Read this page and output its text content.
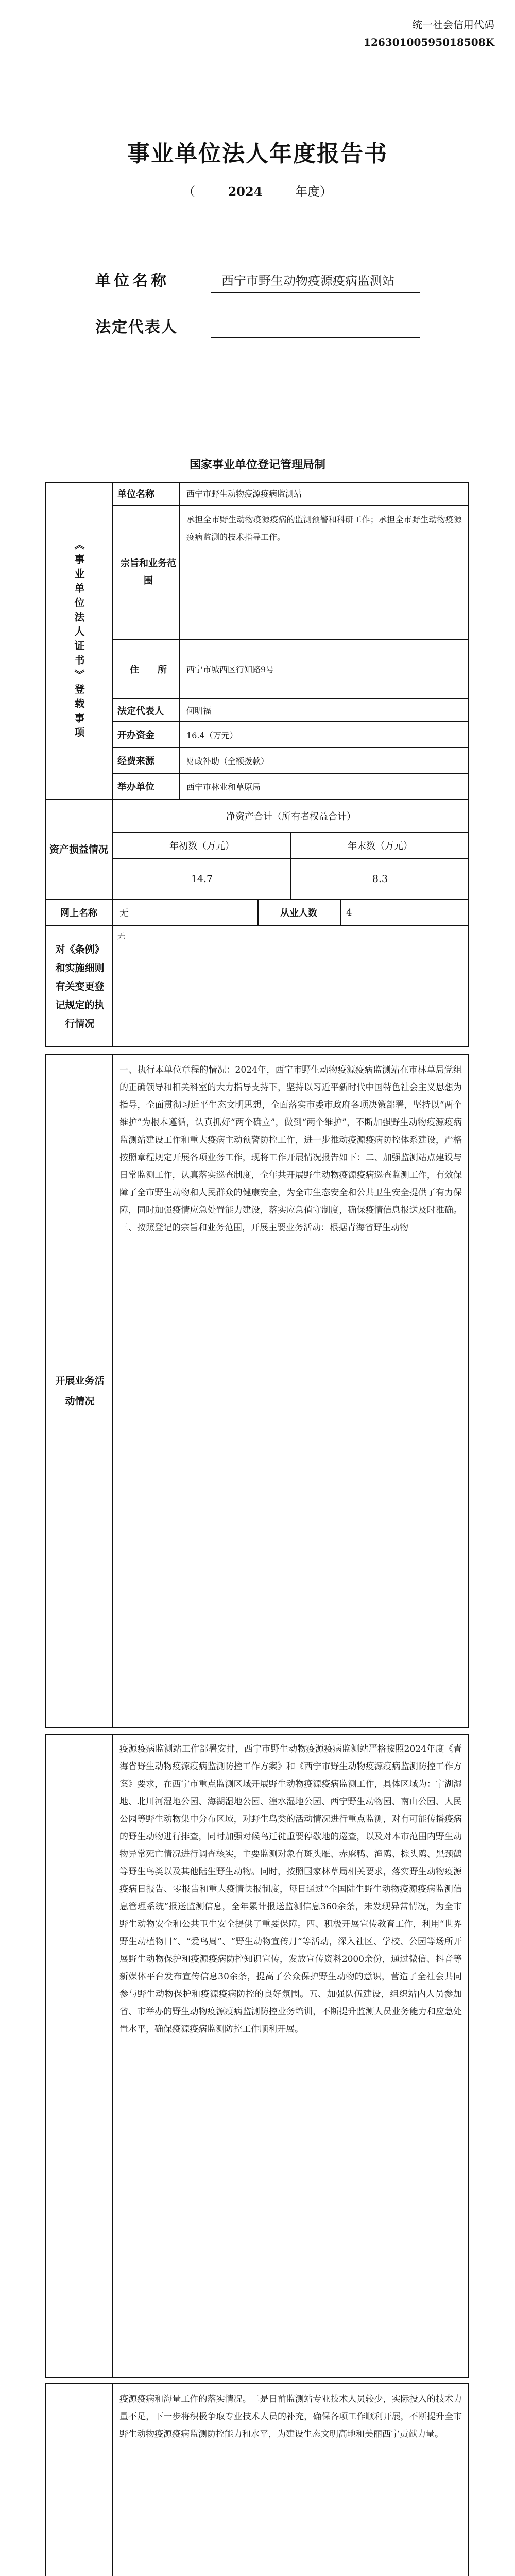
统一社会信用代码
12630100595018508K
事业单位法人年度报告书
（	2024	年度）
单位名称	西宁市野生动物疫源疫病监测站
法定代表人
国家事业单位登记管理局制
《事业单位法人证书》登载事项
单位名称	西宁市野生动物疫源疫病监测站
宗旨和业务范围
承担全市野生动物疫源疫病的监测预警和科研工作；承担全市野生动物疫源疫病监测的技术指导工作。
住　　所	西宁市城西区行知路9号
法定代表人	何明福
开办资金	16.4（万元）
经费来源	财政补助（全额拨款）
举办单位	西宁市林业和草原局
资产损益情况
净资产合计（所有者权益合计）
年初数（万元）	年末数（万元）
14.7	8.3
网上名称	无	从业人数	4
对《条例》和实施细则有关变更登记规定的执行情况
无
开展业务活动情况
一、执行本单位章程的情况：2024年，西宁市野生动物疫源疫病监测站在市林草局党组的正确领导和相关科室的大力指导支持下，坚持以习近平新时代中国特色社会主义思想为指导，全面贯彻习近平生态文明思想，全面落实市委市政府各项决策部署，坚持以“两个维护”为根本遵循，认真抓好“两个确立”，做到“两个维护”，不断加强野生动物疫源疫病监测站建设工作和重大疫病主动预警防控工作，进一步推动疫源疫病防控体系建设，严格按照章程规定开展各项业务工作，现将工作开展情况报告如下：二、加强监测站点建设与日常监测工作，认真落实巡查制度，全年共开展野生动物疫源疫病巡查监测工作，有效保障了全市野生动物和人民群众的健康安全，为全市生态安全和公共卫生安全提供了有力保障，同时加强疫情应急处置能力建设，落实应急值守制度，确保疫情信息报送及时准确。三、按照登记的宗旨和业务范围，开展主要业务活动：根据青海省野生动物
疫源疫病监测站工作部署安排，西宁市野生动物疫源疫病监测站严格按照2024年度《青海省野生动物疫源疫病监测防控工作方案》和《西宁市野生动物疫源疫病监测防控工作方案》要求，在西宁市重点监测区域开展野生动物疫源疫病监测工作，具体区域为：宁湖湿地、北川河湿地公园、海湖湿地公园、湟水湿地公园、西宁野生动物园、南山公园、人民公园等野生动物集中分布区域，对野生鸟类的活动情况进行重点监测，对有可能传播疫病的野生动物进行排查，同时加强对候鸟迁徙重要停歇地的巡查，以及对本市范围内野生动物异常死亡情况进行调查核实，主要监测对象有斑头雁、赤麻鸭、渔鸥、棕头鸥、黑颈鹤等野生鸟类以及其他陆生野生动物。同时，按照国家林草局相关要求，落实野生动物疫源疫病日报告、零报告和重大疫情快报制度，每日通过“全国陆生野生动物疫源疫病监测信息管理系统”报送监测信息，全年累计报送监测信息360余条，未发现异常情况，为全市野生动物安全和公共卫生安全提供了重要保障。四、积极开展宣传教育工作，利用“世界野生动植物日”、“爱鸟周”、“野生动物宣传月”等活动，深入社区、学校、公园等场所开展野生动物保护和疫源疫病防控知识宣传，发放宣传资料2000余份，通过微信、抖音等新媒体平台发布宣传信息30余条，提高了公众保护野生动物的意识，营造了全社会共同参与野生动物保护和疫源疫病防控的良好氛围。五、加强队伍建设，组织站内人员参加省、市举办的野生动物疫源疫病监测防控业务培训，不断提升监测人员业务能力和应急处置水平，确保疫源疫病监测防控工作顺利开展。
疫源疫病和海量工作的落实情况。二是日前监测站专业技术人员较少，实际投入的技术力量不足，下一步将积极争取专业技术人员的补充，确保各项工作顺利开展，不断提升全市野生动物疫源疫病监测防控能力和水平，为建设生态文明高地和美丽西宁贡献力量。
